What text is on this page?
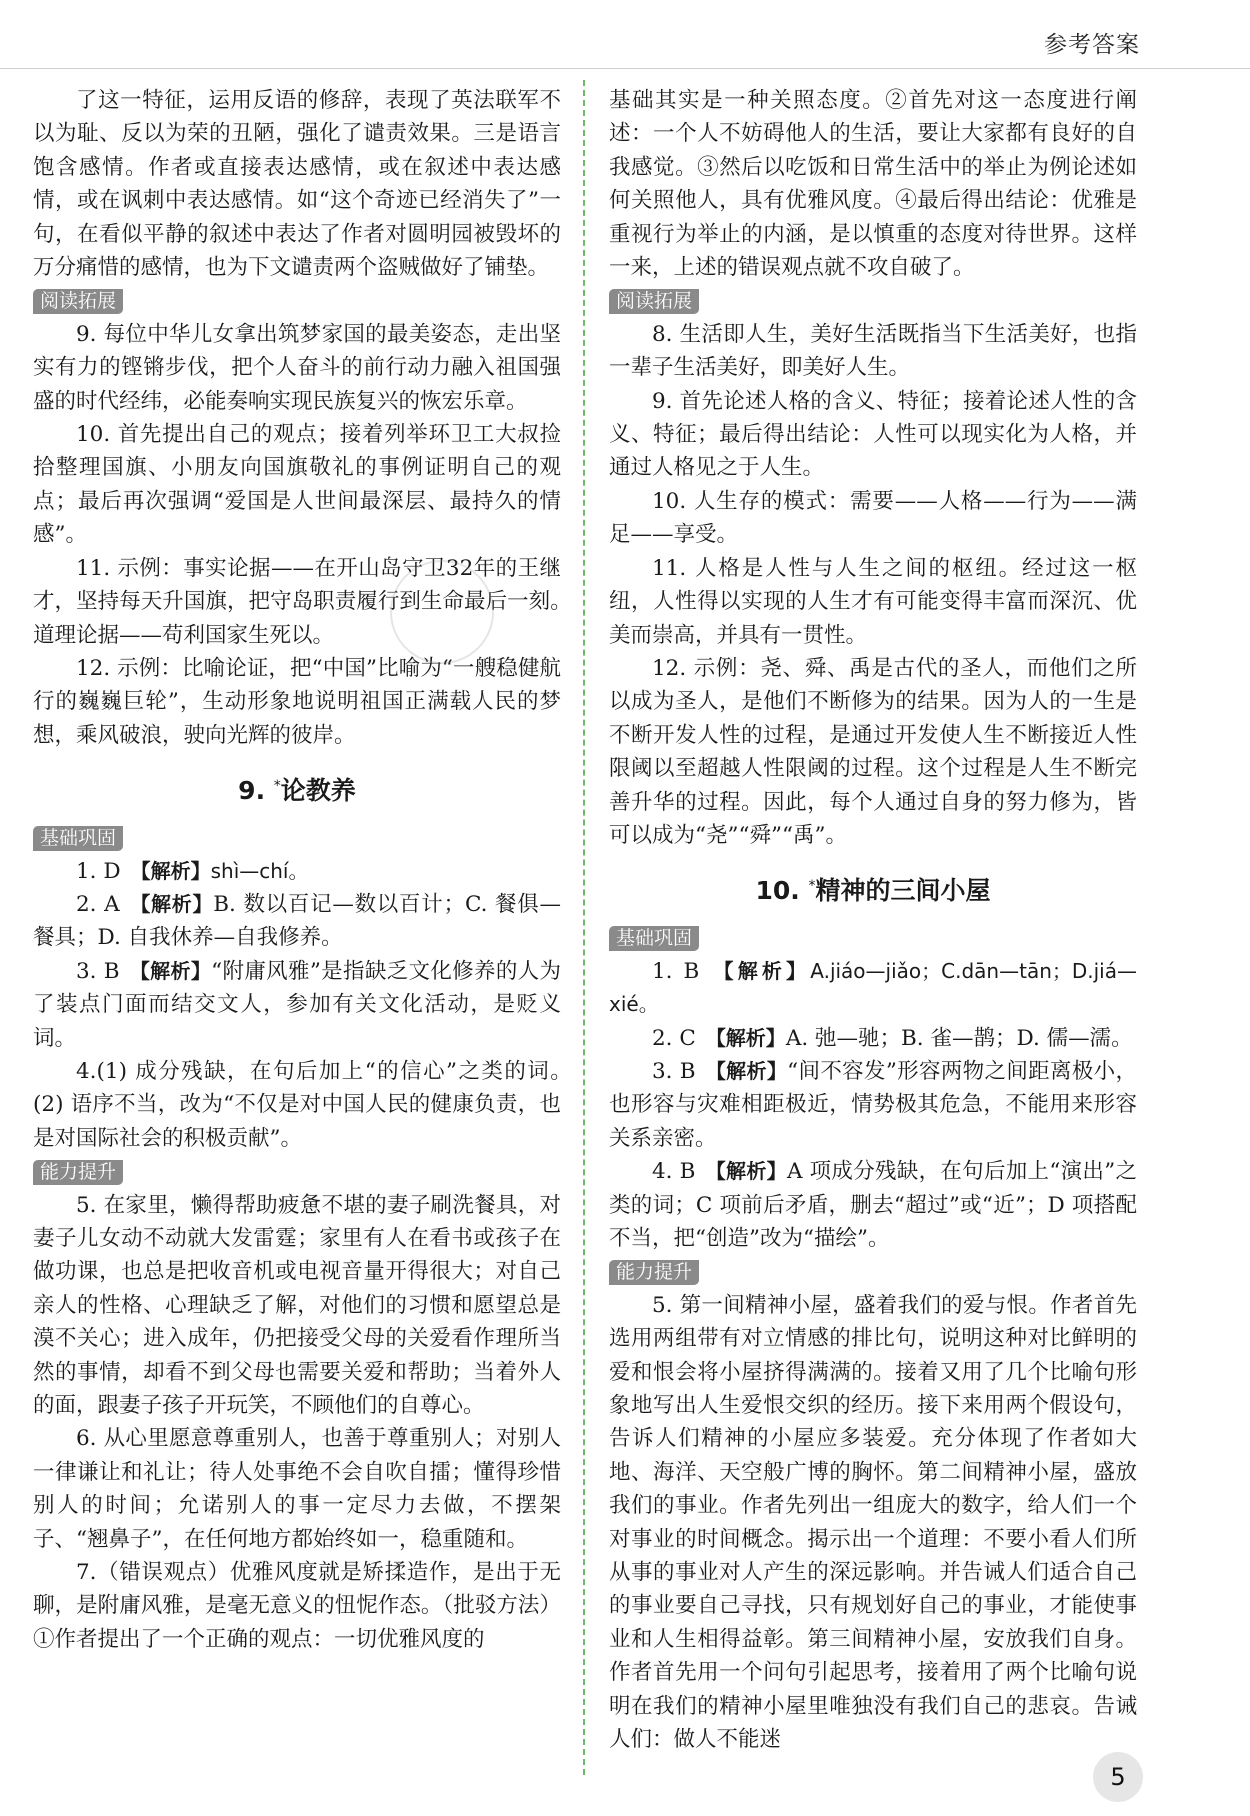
参考答案

了这一特征，运用反语的修辞，表现了英法联军不以为耻、反以为荣的丑陋，强化了谴责效果。三是语言饱含感情。作者或直接表达感情，或在叙述中表达感情，或在讽刺中表达感情。如“这个奇迹已经消失了”一句，在看似平静的叙述中表达了作者对圆明园被毁坏的万分痛惜的感情，也为下文谴责两个盗贼做好了铺垫。

阅读拓展

9. 每位中华儿女拿出筑梦家国的最美姿态，走出坚实有力的铿锵步伐，把个人奋斗的前行动力融入祖国强盛的时代经纬，必能奏响实现民族复兴的恢宏乐章。

10. 首先提出自己的观点；接着列举环卫工大叔捡拾整理国旗、小朋友向国旗敬礼的事例证明自己的观点；最后再次强调“爱国是人世间最深层、最持久的情感”。

11. 示例：事实论据——在开山岛守卫32年的王继才，坚持每天升国旗，把守岛职责履行到生命最后一刻。　道理论据——苟利国家生死以。

12. 示例：比喻论证，把“中国”比喻为“一艘稳健航行的巍巍巨轮”，生动形象地说明祖国正满载人民的梦想，乘风破浪，驶向光辉的彼岸。

9. *论教养
基础巩固

1. D 【解析】shì—chí。

2. A 【解析】B. 数以百记—数以百计；C. 餐俱—餐具；D. 自我休养—自我修养。

3. B 【解析】“附庸风雅”是指缺乏文化修养的人为了装点门面而结交文人，参加有关文化活动，是贬义词。

4.(1) 成分残缺，在句后加上“的信心”之类的词。　(2) 语序不当，改为“不仅是对中国人民的健康负责，也是对国际社会的积极贡献”。

能力提升

5. 在家里，懒得帮助疲惫不堪的妻子刷洗餐具，对妻子儿女动不动就大发雷霆；家里有人在看书或孩子在做功课，也总是把收音机或电视音量开得很大；对自己亲人的性格、心理缺乏了解，对他们的习惯和愿望总是漠不关心；进入成年，仍把接受父母的关爱看作理所当然的事情，却看不到父母也需要关爱和帮助；当着外人的面，跟妻子孩子开玩笑，不顾他们的自尊心。

6. 从心里愿意尊重别人，也善于尊重别人；对别人一律谦让和礼让；待人处事绝不会自吹自擂；懂得珍惜别人的时间；允诺别人的事一定尽力去做，不摆架子、“翘鼻子”，在任何地方都始终如一，稳重随和。

7.（错误观点）优雅风度就是矫揉造作，是出于无聊，是附庸风雅，是毫无意义的忸怩作态。（批驳方法）①作者提出了一个正确的观点：一切优雅风度的

基础其实是一种关照态度。②首先对这一态度进行阐述：一个人不妨碍他人的生活，要让大家都有良好的自我感觉。③然后以吃饭和日常生活中的举止为例论述如何关照他人，具有优雅风度。④最后得出结论：优雅是重视行为举止的内涵，是以慎重的态度对待世界。这样一来，上述的错误观点就不攻自破了。

阅读拓展

8. 生活即人生，美好生活既指当下生活美好，也指一辈子生活美好，即美好人生。

9. 首先论述人格的含义、特征；接着论述人性的含义、特征；最后得出结论：人性可以现实化为人格，并通过人格见之于人生。

10. 人生存的模式：需要——人格——行为——满足——享受。

11. 人格是人性与人生之间的枢纽。经过这一枢纽，人性得以实现的人生才有可能变得丰富而深沉、优美而崇高，并具有一贯性。

12. 示例：尧、舜、禹是古代的圣人，而他们之所以成为圣人，是他们不断修为的结果。因为人的一生是不断开发人性的过程，是通过开发使人生不断接近人性限阈以至超越人性限阈的过程。这个过程是人生不断完善升华的过程。因此，每个人通过自身的努力修为，皆可以成为“尧”“舜”“禹”。

10. *精神的三间小屋
基础巩固

1. B 【解析】A.jiáo—jiǎo；C.dān—tān；D.jiá—xié。

2. C 【解析】A. 弛—驰；B. 雀—鹊；D. 儒—濡。

3. B 【解析】“间不容发”形容两物之间距离极小，也形容与灾难相距极近，情势极其危急，不能用来形容关系亲密。

4. B 【解析】A 项成分残缺，在句后加上“演出”之类的词；C 项前后矛盾，删去“超过”或“近”；D 项搭配不当，把“创造”改为“描绘”。

能力提升

5. 第一间精神小屋，盛着我们的爱与恨。作者首先选用两组带有对立情感的排比句，说明这种对比鲜明的爱和恨会将小屋挤得满满的。接着又用了几个比喻句形象地写出人生爱恨交织的经历。接下来用两个假设句，告诉人们精神的小屋应多装爱。充分体现了作者如大地、海洋、天空般广博的胸怀。第二间精神小屋，盛放我们的事业。作者先列出一组庞大的数字，给人们一个对事业的时间概念。揭示出一个道理：不要小看人们所从事的事业对人产生的深远影响。并告诫人们适合自己的事业要自己寻找，只有规划好自己的事业，才能使事业和人生相得益彰。第三间精神小屋，安放我们自身。作者首先用一个问句引起思考，接着用了两个比喻句说明在我们的精神小屋里唯独没有我们自己的悲哀。告诫人们：做人不能迷

5
